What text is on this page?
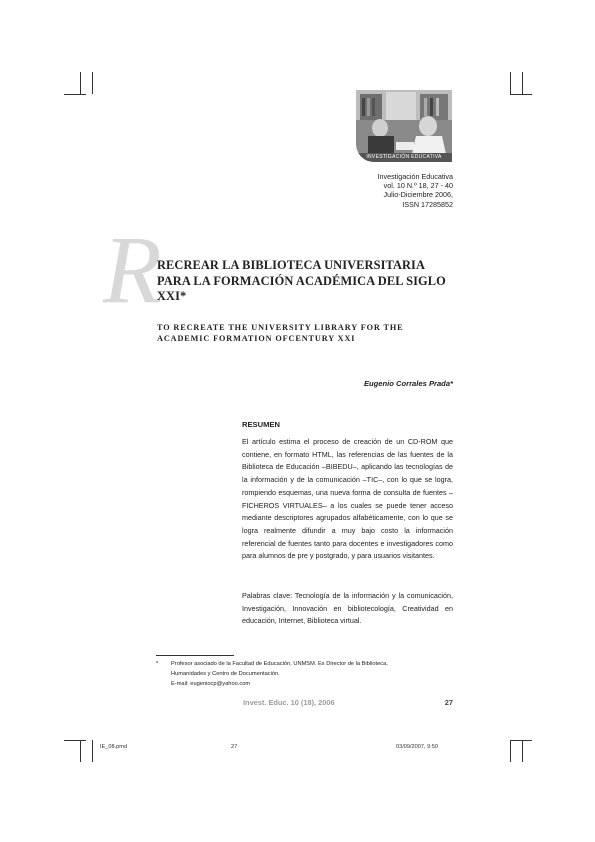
INVESTIGACIÓN EDUCATIVA
Investigación Educativa
vol. 10 N.º 18, 27 - 40
Julio-Diciembre 2006,
ISSN 17285852
R
RECREAR LA BIBLIOTECA UNIVERSITARIA
PARA LA FORMACIÓN ACADÉMICA DEL SIGLO
XXI*
TO RECREATE THE UNIVERSITY LIBRARY FOR THE
ACADEMIC FORMATION OFCENTURY XXI
Eugenio Corrales Prada*
RESUMEN
El artículo estima el proceso de creación de un CD-ROM que contiene, en formato HTML, las referencias de las fuentes de la Biblioteca de Educación –BIBEDU–, aplicando las tecnologías de la información y de la comunicación –TIC–, con lo que se logra, rompiendo esquemas, una nueva forma de consulta de fuentes –FICHEROS VIRTUALES– a los cuales se puede tener acceso mediante descriptores agrupados alfabéticamente, con lo que se logra realmente difundir a muy bajo costo la información referencial de fuentes tanto para docentes e investigadores como para alumnos de pre y postgrado, y para usuarios visitantes.
Palabras clave: Tecnología de la información y la comunicación, Investigación, Innovación en bibliotecología, Creatividad en educación, Internet, Biblioteca virtual.
* Profesor asociado de la Facultad de Educación, UNMSM. Ex Director de la Biblioteca,
Humanidades y Centro de Documentación.
E-mail: eugeniocp@yahoo.com
Invest. Educ. 10 (18), 2006	27
IE_08.pmd	27	03/09/2007, 9:50
